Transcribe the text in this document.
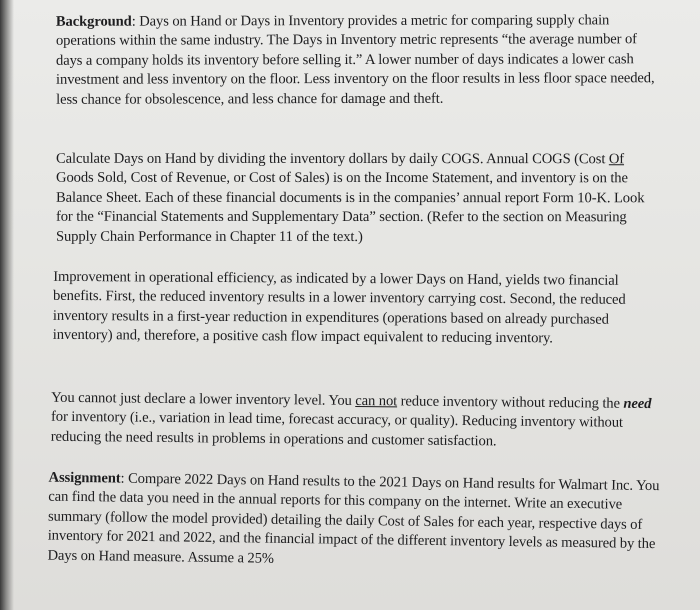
Background: Days on Hand or Days in Inventory provides a metric for comparing supply chain operations within the same industry. The Days in Inventory metric represents “the average number of days a company holds its inventory before selling it.” A lower number of days indicates a lower cash investment and less inventory on the floor. Less inventory on the floor results in less floor space needed, less chance for obsolescence, and less chance for damage and theft.

Calculate Days on Hand by dividing the inventory dollars by daily COGS. Annual COGS (Cost Of Goods Sold, Cost of Revenue, or Cost of Sales) is on the Income Statement, and inventory is on the Balance Sheet. Each of these financial documents is in the companies’ annual report Form 10-K. Look for the “Financial Statements and Supplementary Data” section. (Refer to the section on Measuring Supply Chain Performance in Chapter 11 of the text.)

Improvement in operational efficiency, as indicated by a lower Days on Hand, yields two financial benefits. First, the reduced inventory results in a lower inventory carrying cost. Second, the reduced inventory results in a first-year reduction in expenditures (operations based on already purchased inventory) and, therefore, a positive cash flow impact equivalent to reducing inventory.

You cannot just declare a lower inventory level. You can not reduce inventory without reducing the need for inventory (i.e., variation in lead time, forecast accuracy, or quality). Reducing inventory without reducing the need results in problems in operations and customer satisfaction.

Assignment: Compare 2022 Days on Hand results to the 2021 Days on Hand results for Walmart Inc. You can find the data you need in the annual reports for this company on the internet. Write an executive summary (follow the model provided) detailing the daily Cost of Sales for each year, respective days of inventory for 2021 and 2022, and the financial impact of the different inventory levels as measured by the Days on Hand measure. Assume a 25%
